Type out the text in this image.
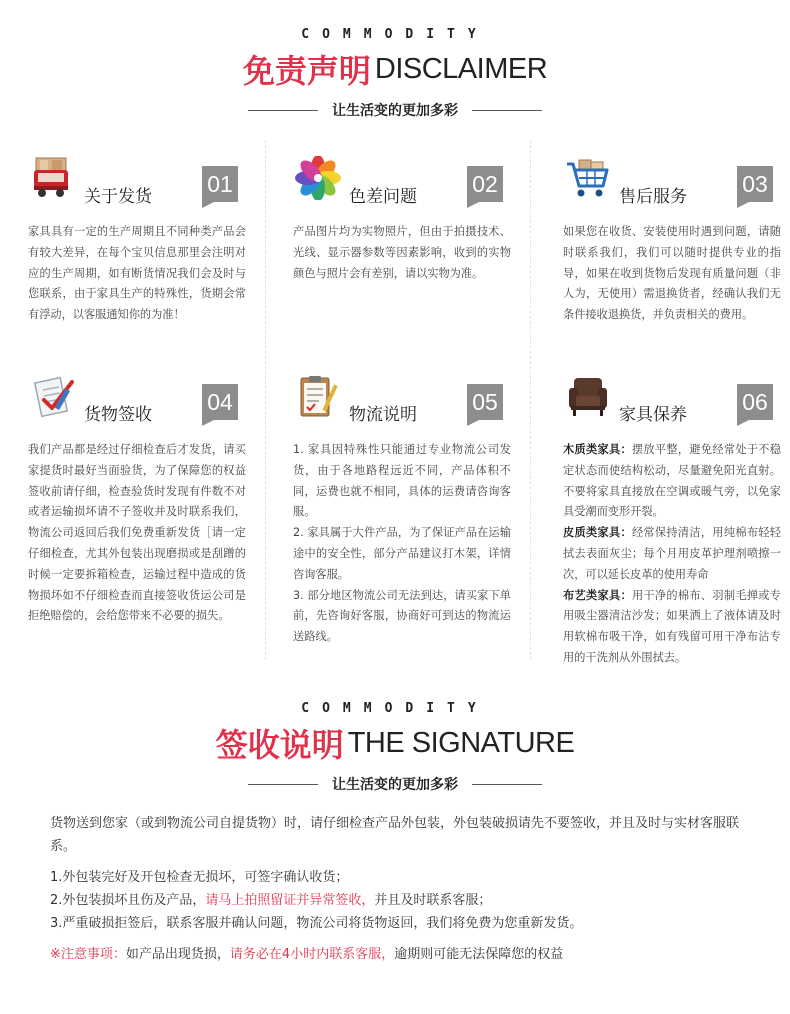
COMMODITY
免责声明 DISCLAIMER
让生活变的更加多彩
关于发货 01
家具具有一定的生产周期且不同种类产品会有较大差异，在每个宝贝信息那里会注明对应的生产周期，如有断货情况我们会及时与您联系，由于家具生产的特殊性，货期会常有浮动，以客服通知你的为准！
色差问题 02
产品图片均为实物照片，但由于拍摄技术、光线、显示器参数等因素影响，收到的实物颜色与照片会有差别，请以实物为准。
售后服务 03
如果您在收货、安装使用时遇到问题，请随时联系我们，我们可以随时提供专业的指导，如果在收到货物后发现有质量问题（非人为，无使用）需退换货者，经确认我们无条件接收退换货，并负责相关的费用。
货物签收 04
我们产品都是经过仔细检查后才发货，请买家提货时最好当面验货，为了保障您的权益签收前请仔细，检查验货时发现有件数不对或者运输损坏请不子签收并及时联系我们，物流公司返回后我们免费重新发货［请一定仔细检查，尤其外包装出现磨损或是刮蹭的时候一定要拆箱检查，运输过程中造成的货物损坏如不仔细检查而直接签收货运公司是拒绝赔偿的，会给您带来不必要的损失。
物流说明 05

1. 家具因特殊性只能通过专业物流公司发货，由于各地路程远近不同，产品体积不同，运费也就不相同，具体的运费请咨询客服。

2. 家具属于大件产品，为了保证产品在运输途中的安全性，部分产品建议打木架，详情咨询客服。

3. 部分地区物流公司无法到达，请买家下单前，先咨询好客服，协商好可到达的物流运送路线。

家具保养 06

木质类家具：摆放平整，避免经常处于不稳定状态而使结构松动，尽量避免阳光直射。不要将家具直接放在空调或暖气旁，以免家具受潮而变形开裂。

皮质类家具：经常保持清洁，用纯棉布轻轻拭去表面灰尘；每个月用皮革护理剂喷擦一次，可以延长皮革的使用寿命

布艺类家具：用干净的棉布、羽制毛掸或专用吸尘器清洁沙发；如果洒上了液体请及时用软棉布吸干净，如有残留可用干净布沾专用的干洗剂从外围拭去。

COMMODITY
签收说明 THE SIGNATURE
让生活变的更加多彩
货物送到您家（或到物流公司自提货物）时，请仔细检查产品外包装，外包装破损请先不要签收，并且及时与实材客服联系。
1.外包装完好及开包检查无损坏，可签字确认收货；
2.外包装损坏且伤及产品，请马上拍照留证并异常签收，并且及时联系客服；
3.严重破损拒签后，联系客服并确认问题，物流公司将货物返回，我们将免费为您重新发货。
※注意事项：如产品出现货损，请务必在4小时内联系客服，逾期则可能无法保障您的权益
